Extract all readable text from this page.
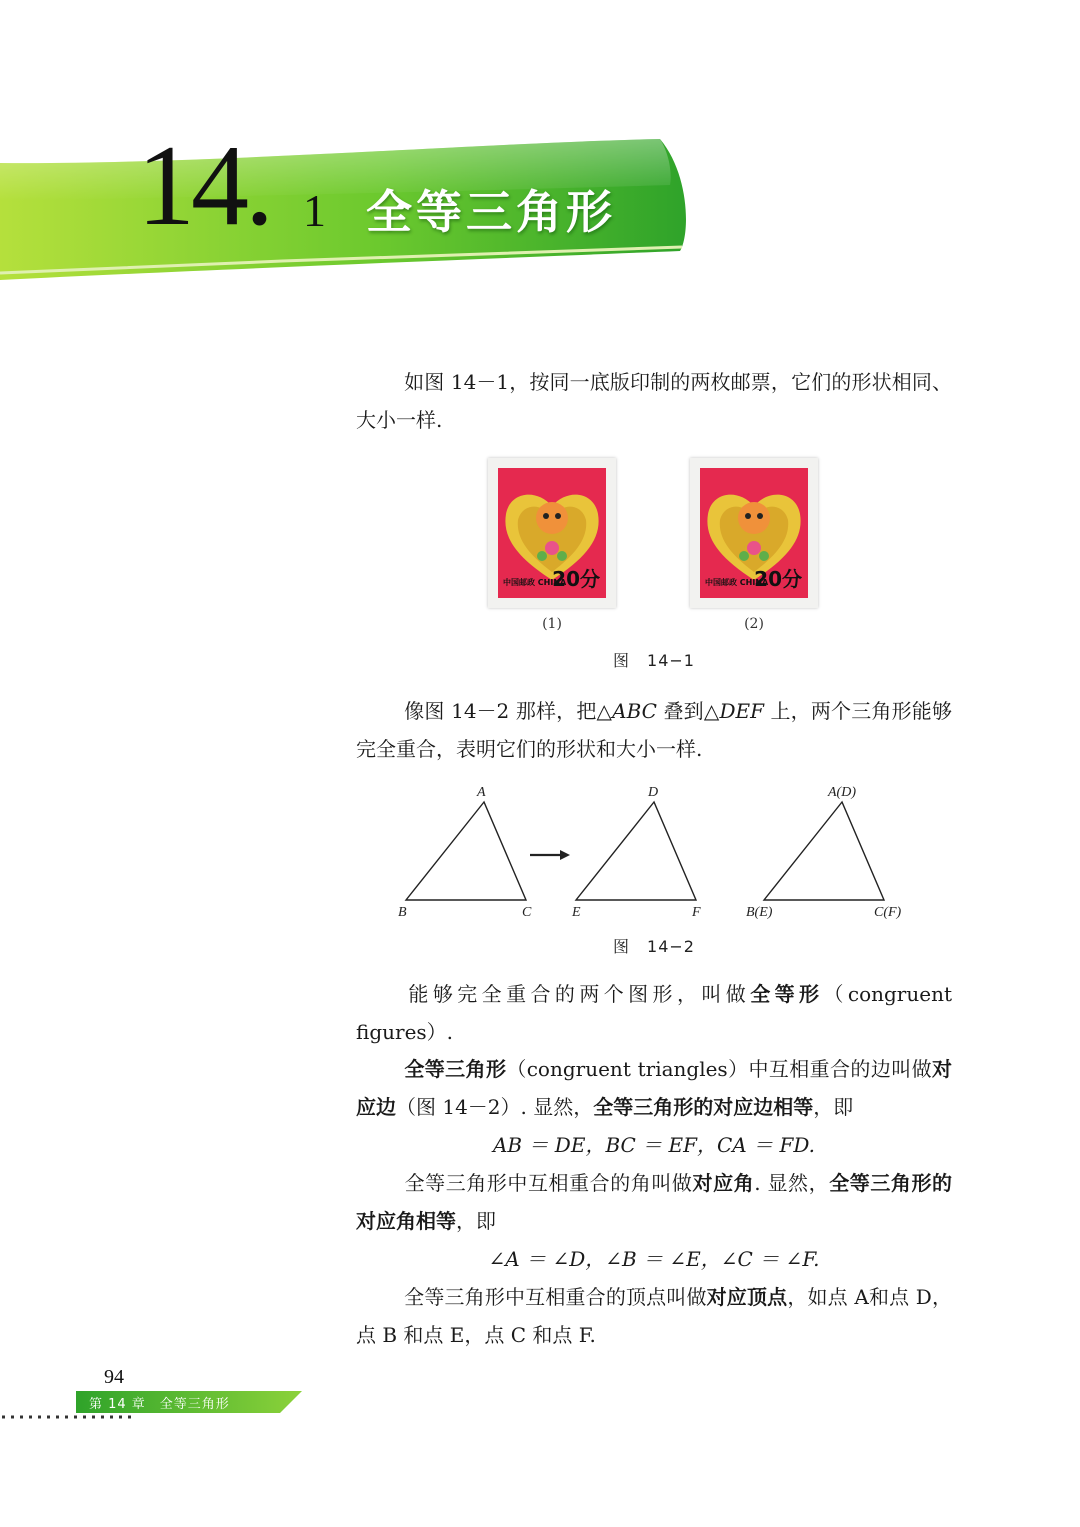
14. 1 全等三角形

如图 14－1，按同一底版印制的两枚邮票，它们的形状相同、大小一样.

中国邮政 CHINA
20分
(1)
中国邮政 CHINA
20分
(2)
图　14−1

像图 14－2 那样，把△ABC 叠到△DEF 上，两个三角形能够完全重合，表明它们的形状和大小一样.

A
B	C
D
E	F
A(D)
B(E)	C(F)
图　14−2

能够完全重合的两个图形，叫做全等形（congruent figures）.

全等三角形（congruent triangles）中互相重合的边叫做对应边（图 14－2）. 显然，全等三角形的对应边相等，即

AB ＝ DE，BC ＝ EF，CA ＝ FD.

全等三角形中互相重合的角叫做对应角. 显然，全等三角形的对应角相等，即

∠A ＝ ∠D，∠B ＝ ∠E，∠C ＝ ∠F.

全等三角形中互相重合的顶点叫做对应顶点，如点 A和点 D，点 B 和点 E，点 C 和点 F.

94
第 14 章　全等三角形
